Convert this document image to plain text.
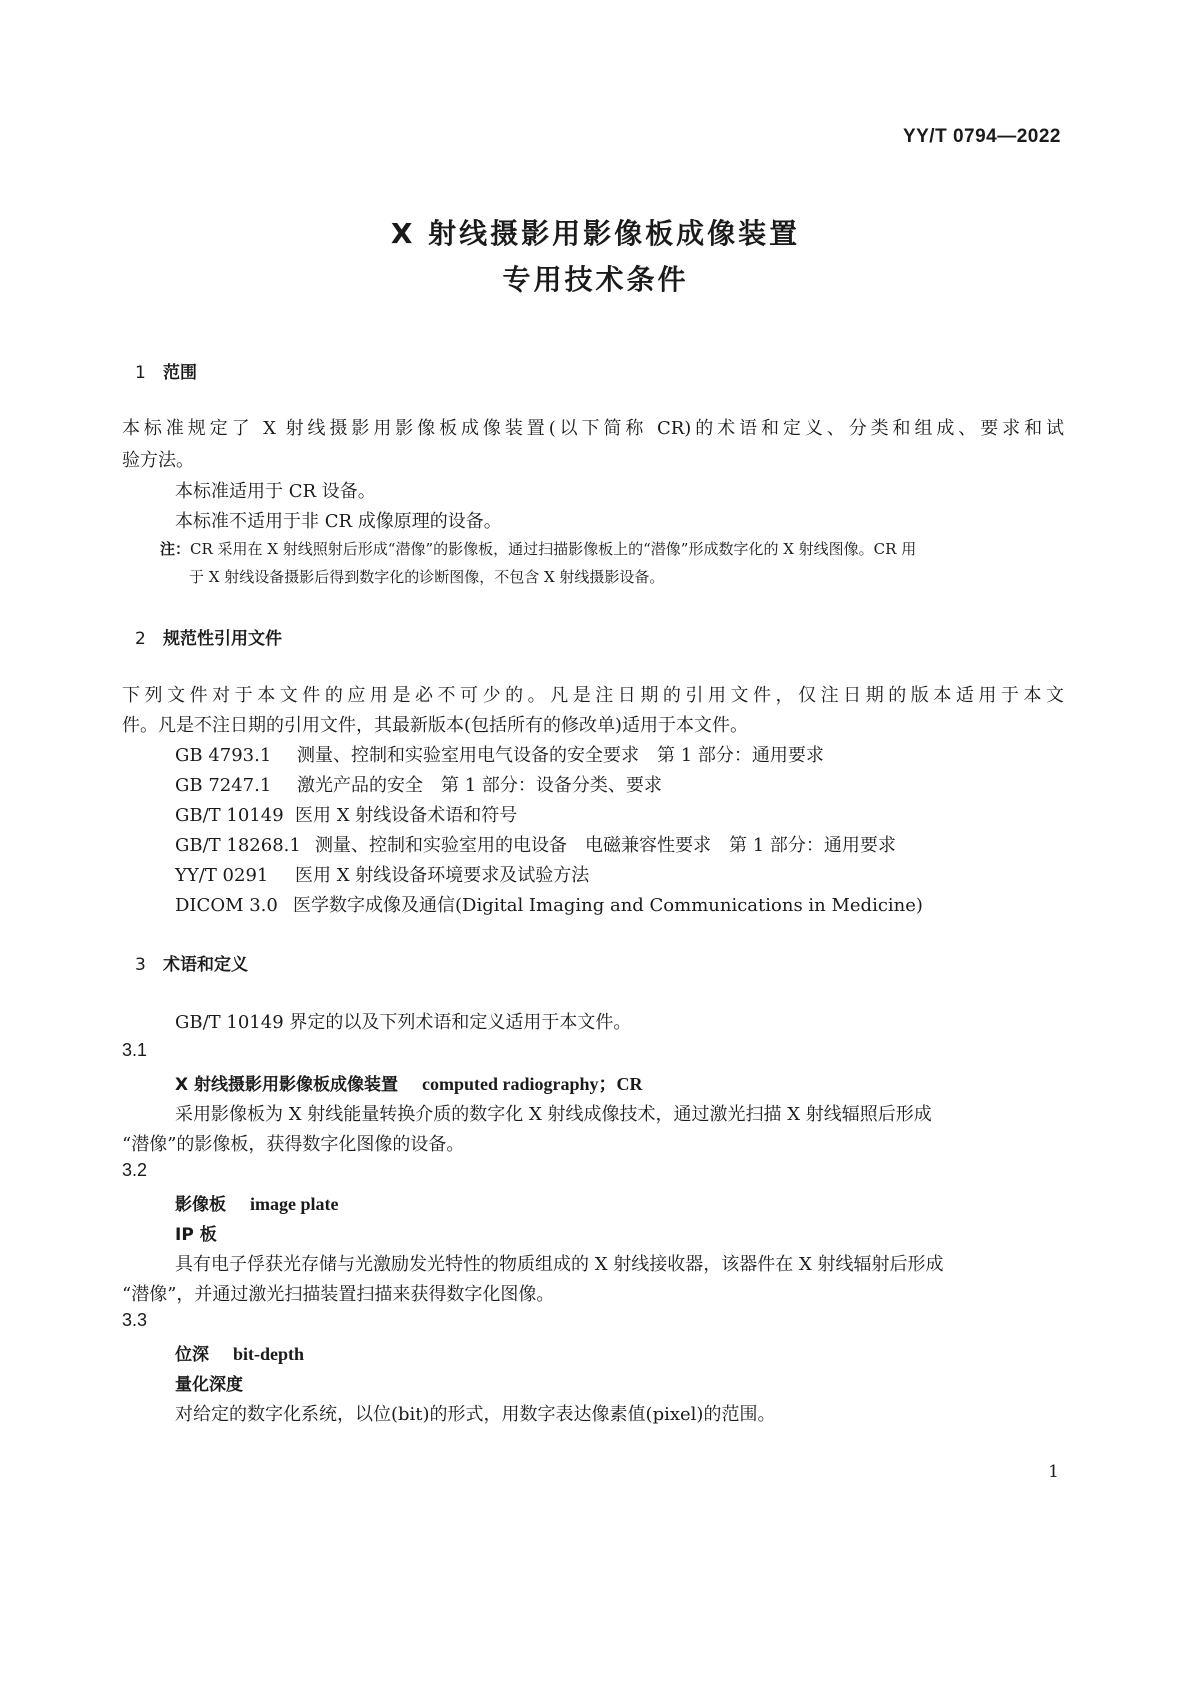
YY/T 0794—2022
X 射线摄影用影像板成像装置
专用技术条件
1 范围
本标准规定了 X 射线摄影用影像板成像装置(以下简称 CR)的术语和定义、分类和组成、要求和试
验方法。
本标准适用于 CR 设备。
本标准不适用于非 CR 成像原理的设备。
注：CR 采用在 X 射线照射后形成“潜像”的影像板，通过扫描影像板上的“潜像”形成数字化的 X 射线图像。CR 用
于 X 射线设备摄影后得到数字化的诊断图像，不包含 X 射线摄影设备。
2 规范性引用文件
下列文件对于本文件的应用是必不可少的。凡是注日期的引用文件，仅注日期的版本适用于本文
件。凡是不注日期的引用文件，其最新版本(包括所有的修改单)适用于本文件。
GB 4793.1 测量、控制和实验室用电气设备的安全要求　第 1 部分：通用要求
GB 7247.1 激光产品的安全　第 1 部分：设备分类、要求
GB/T 10149 医用 X 射线设备术语和符号
GB/T 18268.1 测量、控制和实验室用的电设备　电磁兼容性要求　第 1 部分：通用要求
YY/T 0291 医用 X 射线设备环境要求及试验方法
DICOM 3.0 医学数字成像及通信(Digital Imaging and Communications in Medicine)
3 术语和定义
GB/T 10149 界定的以及下列术语和定义适用于本文件。
3.1
X 射线摄影用影像板成像装置 computed radiography；CR
采用影像板为 X 射线能量转换介质的数字化 X 射线成像技术，通过激光扫描 X 射线辐照后形成
“潜像”的影像板，获得数字化图像的设备。
3.2
影像板 image plate
IP 板
具有电子俘获光存储与光激励发光特性的物质组成的 X 射线接收器，该器件在 X 射线辐射后形成
“潜像”，并通过激光扫描装置扫描来获得数字化图像。
3.3
位深 bit-depth
量化深度
对给定的数字化系统，以位(bit)的形式，用数字表达像素值(pixel)的范围。
1
